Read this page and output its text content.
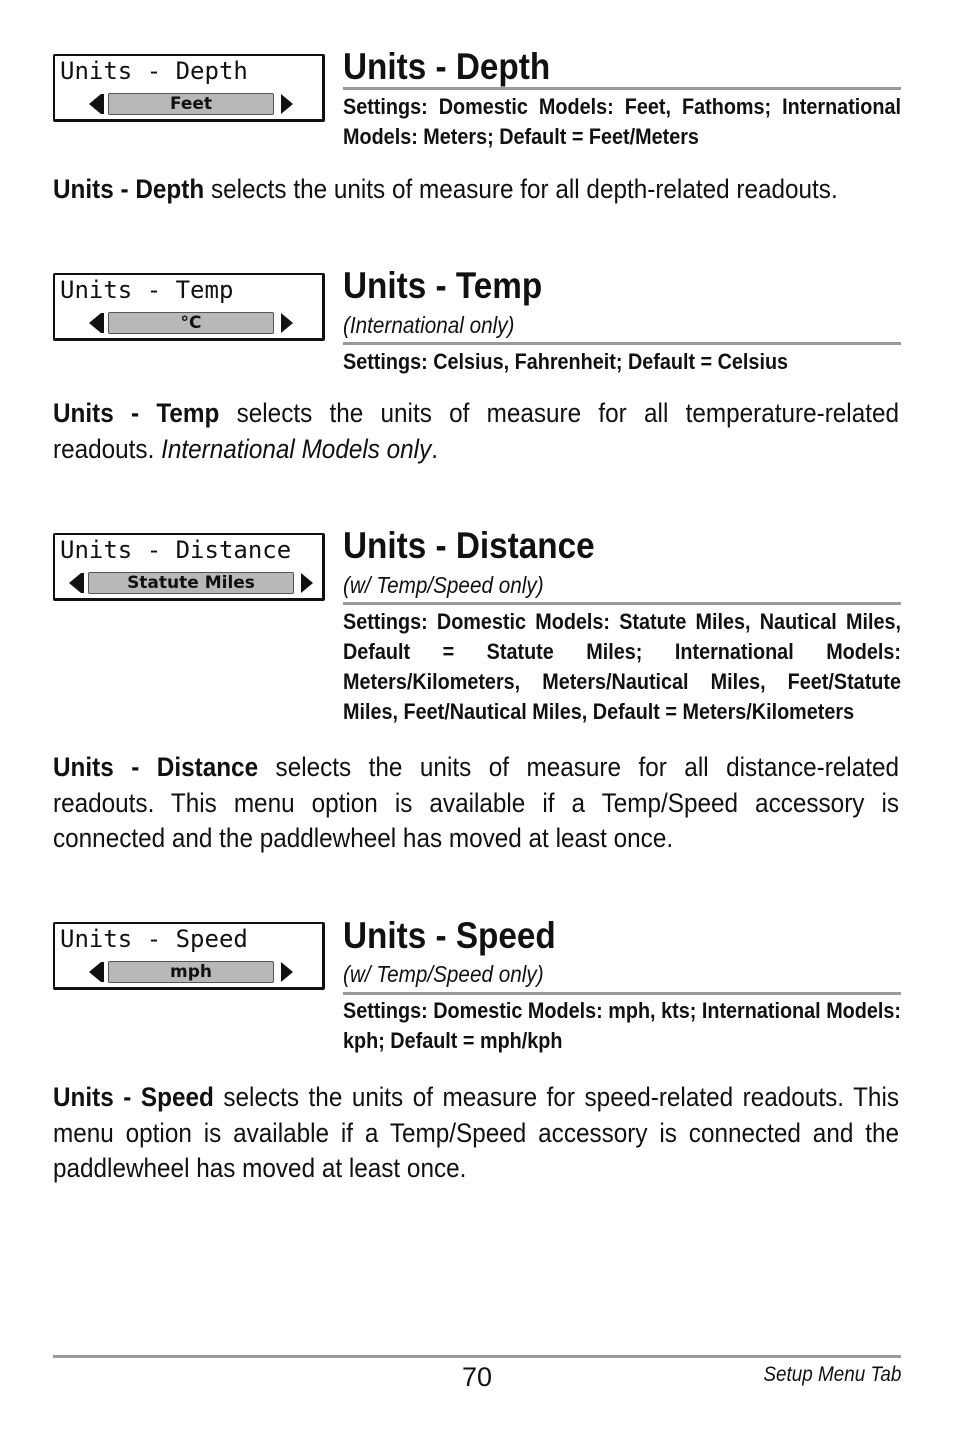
Units - Depth
Feet
Units - Depth
Settings: Domestic Models: Feet, Fathoms; International Models: Meters; Default = Feet/Meters
Units - Depth selects the units of measure for all depth-related readouts.
Units - Temp
°C
Units - Temp
(International only)
Settings: Celsius, Fahrenheit; Default = Celsius
Units - Temp selects the units of measure for all temperature-related readouts. International Models only.
Units - Distance
Statute Miles
Units - Distance
(w/ Temp/Speed only)
Settings: Domestic Models: Statute Miles, Nautical Miles, Default = Statute Miles; International Models: Meters/Kilometers, Meters/Nautical Miles, Feet/Statute Miles, Feet/Nautical Miles, Default = Meters/Kilometers
Units - Distance selects the units of measure for all distance-related readouts. This menu option is available if a Temp/Speed accessory is connected and the paddlewheel has moved at least once.
Units - Speed
mph
Units - Speed
(w/ Temp/Speed only)
Settings: Domestic Models: mph, kts; International Models: kph; Default = mph/kph
Units - Speed selects the units of measure for speed-related readouts. This menu option is available if a Temp/Speed accessory is connected and the paddlewheel has moved at least once.
70	Setup Menu Tab
